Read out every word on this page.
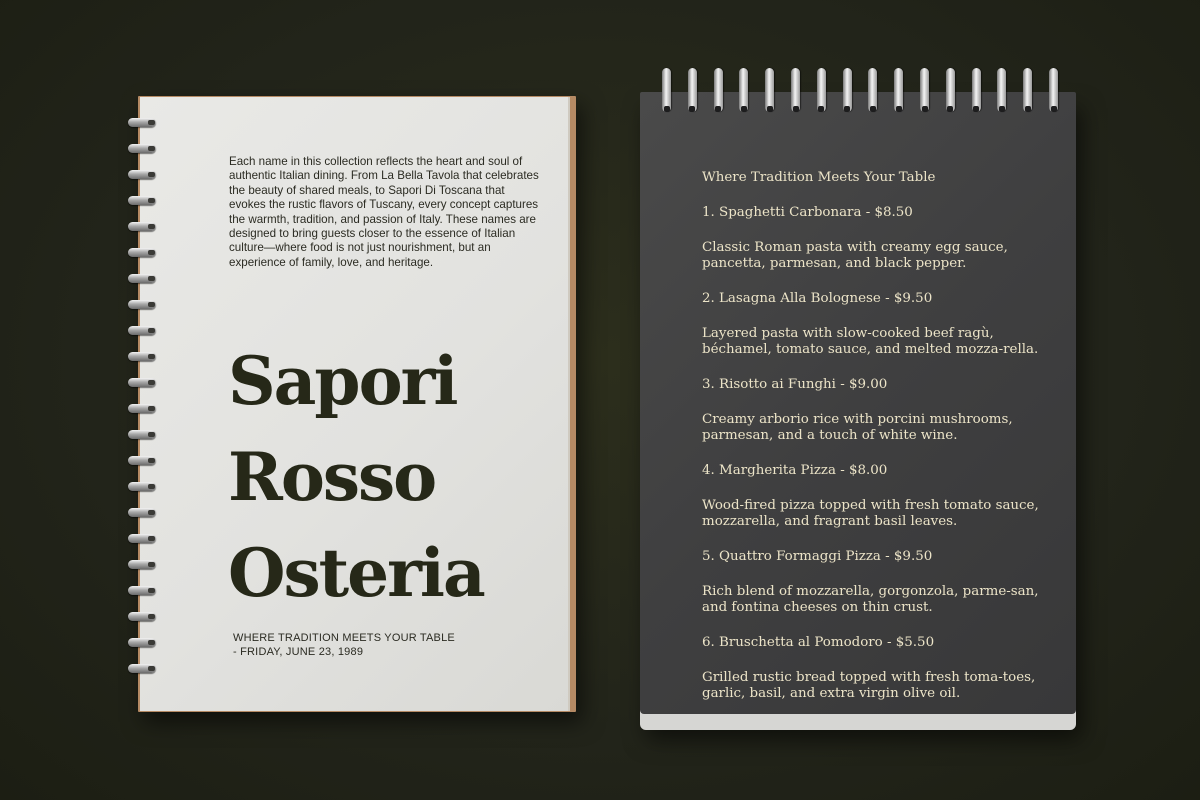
Each name in this collection reflects the heart and soul of authentic Italian dining. From La Bella Tavola that celebrates the beauty of shared meals, to Sapori Di Toscana that evokes the rustic flavors of Tuscany, every concept captures the warmth, tradition, and passion of Italy. These names are designed to bring guests closer to the essence of Italian culture—where food is not just nourishment, but an experience of family, love, and heritage.

Sapori
Rosso
Osteria
WHERE TRADITION MEETS YOUR TABLE
- FRIDAY, JUNE 23, 1989

Where Tradition Meets Your Table

1. Spaghetti Carbonara - $8.50

Classic Roman pasta with creamy egg sauce, pancetta, parmesan, and black pepper.

2. Lasagna Alla Bolognese - $9.50

Layered pasta with slow-cooked beef ragù, béchamel, tomato sauce, and melted mozza-rella.

3. Risotto ai Funghi - $9.00

Creamy arborio rice with porcini mushrooms, parmesan, and a touch of white wine.

4. Margherita Pizza - $8.00

Wood-fired pizza topped with fresh tomato sauce, mozzarella, and fragrant basil leaves.

5. Quattro Formaggi Pizza - $9.50

Rich blend of mozzarella, gorgonzola, parme-san, and fontina cheeses on thin crust.

6. Bruschetta al Pomodoro - $5.50

Grilled rustic bread topped with fresh toma-toes, garlic, basil, and extra virgin olive oil.
